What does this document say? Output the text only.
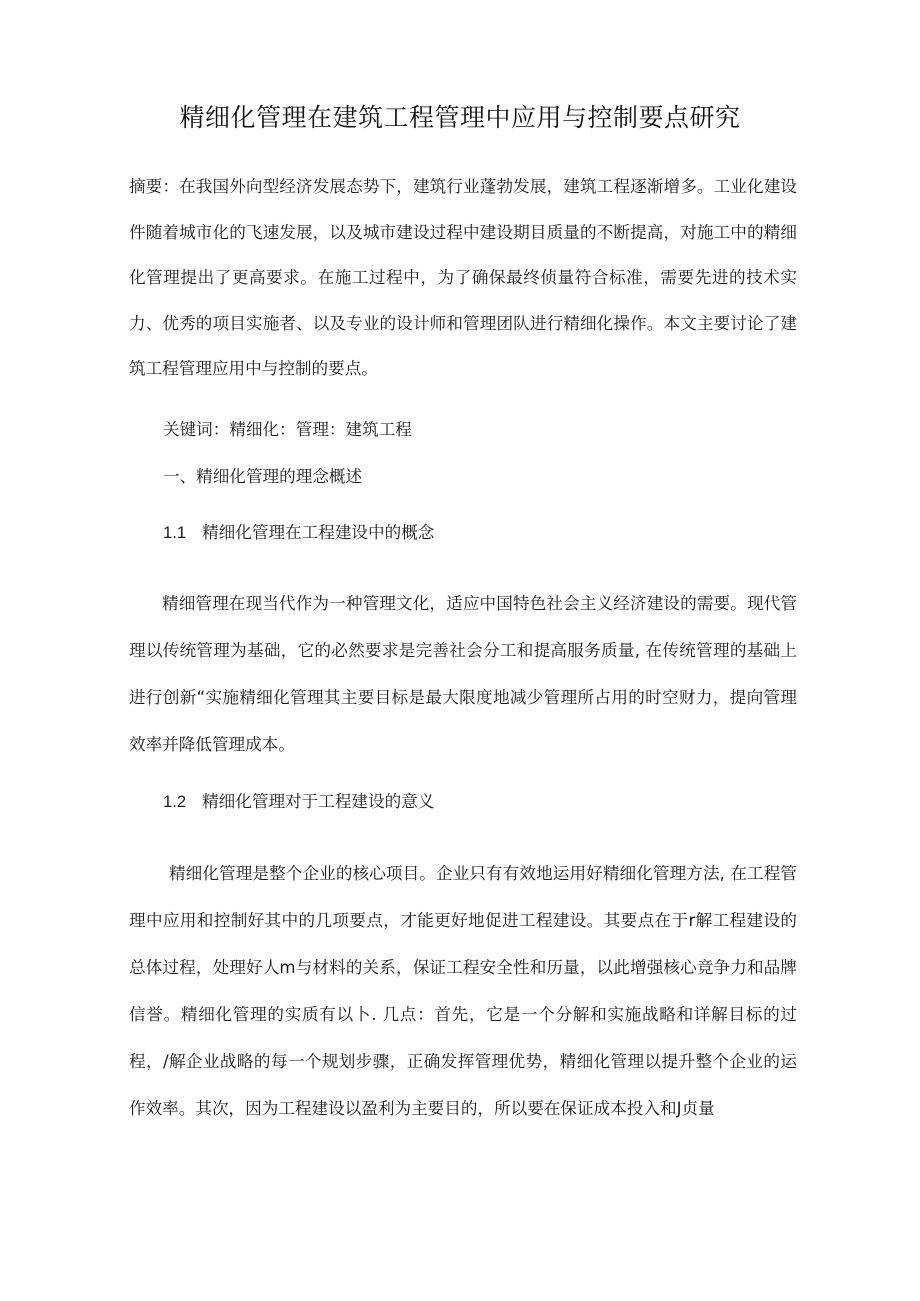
精细化管理在建筑工程管理中应用与控制要点研究

摘要：在我国外向型经济发展态势下，建筑行业蓬勃发展，建筑工程逐渐增多。工业化建设件随着城市化的飞速发展，以及城市建设过程中建设期目质量的不断提高，对施工中的精细化管理提出了更高要求。在施工过程中，为了确保最终侦量符合标准，需要先进的技术实力、优秀的项目实施者、以及专业的设计师和管理团队进行精细化操作。本文主要讨论了建筑工程管理应用中与控制的要点。

关键词：精细化：管理：建筑工程
一、精细化管理的理念概述
1.1 精细化管理在工程建设中的概念

精细管理在现当代作为一种管理文化，适应中国特色社会主义经济建设的需要。现代管理以传统管理为基础，它的必然要求是完善社会分工和提高服务质量, 在传统管理的基础上进行创新“实施精细化管理其主要目标是最大限度地减少管理所占用的时空财力，提向管理效率并降低管理成本。

1.2 精细化管理对于工程建设的意义

精细化管理是整个企业的核心项目。企业只有有效地运用好精细化管理方法, 在工程管理中应用和控制好其中的几项要点，才能更好地促进工程建设。其要点在于r解工程建设的总体过程，处理好人m与材料的关系，保证工程安全性和历量，以此增强核心竞争力和品牌信誉。精细化管理的实质有以卜. 几点：首先，它是一个分解和实施战略和详解目标的过程，/解企业战略的每一个规划步骤，正确发挥管理优势，精细化管理以提升整个企业的运作效率。其次，因为工程建设以盈利为主要目的，所以要在保证成本投入和J贞量
